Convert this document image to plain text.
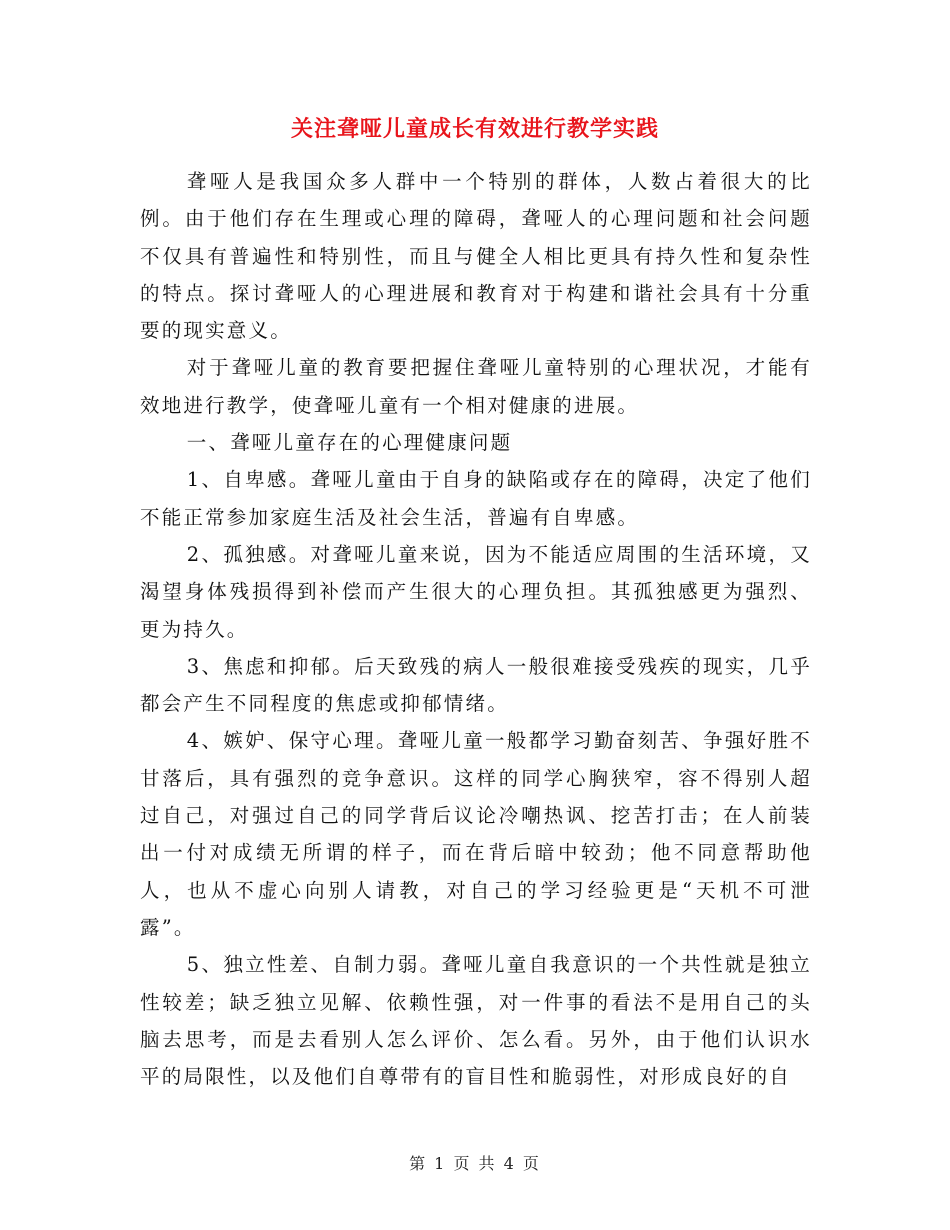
关注聋哑儿童成长有效进行教学实践

聋哑人是我国众多人群中一个特别的群体，人数占着很大的比例。由于他们存在生理或心理的障碍，聋哑人的心理问题和社会问题不仅具有普遍性和特别性，而且与健全人相比更具有持久性和复杂性的特点。探讨聋哑人的心理进展和教育对于构建和谐社会具有十分重要的现实意义。

对于聋哑儿童的教育要把握住聋哑儿童特别的心理状况，才能有效地进行教学，使聋哑儿童有一个相对健康的进展。

一、聋哑儿童存在的心理健康问题

1、自卑感。聋哑儿童由于自身的缺陷或存在的障碍，决定了他们不能正常参加家庭生活及社会生活，普遍有自卑感。

2、孤独感。对聋哑儿童来说，因为不能适应周围的生活环境，又渴望身体残损得到补偿而产生很大的心理负担。其孤独感更为强烈、更为持久。

3、焦虑和抑郁。后天致残的病人一般很难接受残疾的现实，几乎都会产生不同程度的焦虑或抑郁情绪。

4、嫉妒、保守心理。聋哑儿童一般都学习勤奋刻苦、争强好胜不甘落后，具有强烈的竞争意识。这样的同学心胸狭窄，容不得别人超过自己，对强过自己的同学背后议论冷嘲热讽、挖苦打击；在人前装出一付对成绩无所谓的样子，而在背后暗中较劲；他不同意帮助他人，也从不虚心向别人请教，对自己的学习经验更是“天机不可泄露”。

5、独立性差、自制力弱。聋哑儿童自我意识的一个共性就是独立性较差；缺乏独立见解、依赖性强，对一件事的看法不是用自己的头脑去思考，而是去看别人怎么评价、怎么看。另外，由于他们认识水平的局限性，以及他们自尊带有的盲目性和脆弱性，对形成良好的自

第 1 页 共 4 页
